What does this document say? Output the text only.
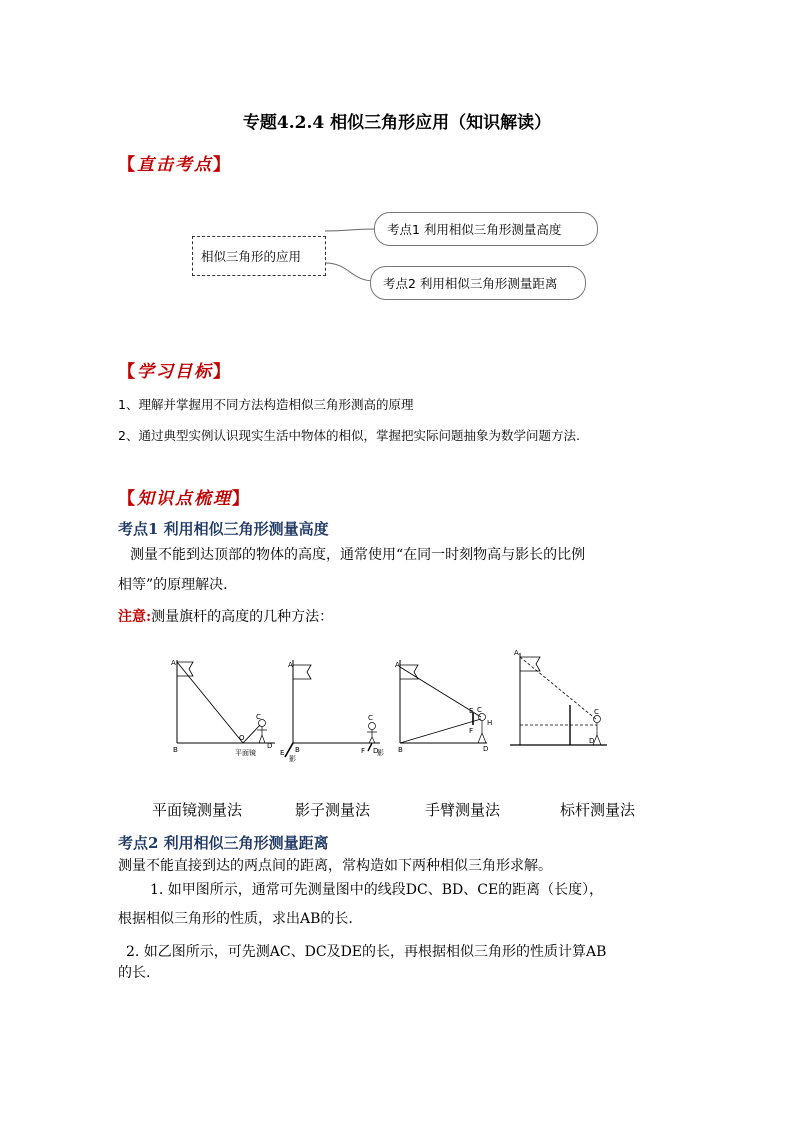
专题4.2.4 相似三角形应用（知识解读）
【直击考点】
相似三角形的应用
考点1 利用相似三角形测量高度
考点2 利用相似三角形测量距离
【学习目标】
1、理解并掌握用不同方法构造相似三角形测高的原理
2、通过典型实例认识现实生活中物体的相似，掌握把实际问题抽象为数学问题方法.
【知识点梳理】
考点1 利用相似三角形测量高度
测量不能到达顶部的物体的高度，通常使用“在同一时刻物高与影长的比例
相等”的原理解决.
注意:测量旗杆的高度的几种方法：
A
B
O
C
D
平面镜
A
B
E
影
C
D
F 影
A
B
C
D
E
F
H
A
C
D
平面镜测量法	影子测量法	手臂测量法	标杆测量法
考点2 利用相似三角形测量距离
测量不能直接到达的两点间的距离，常构造如下两种相似三角形求解。
1. 如甲图所示，通常可先测量图中的线段DC、BD、CE的距离（长度），
根据相似三角形的性质，求出AB的长.
2. 如乙图所示，可先测AC、DC及DE的长，再根据相似三角形的性质计算AB
的长.
